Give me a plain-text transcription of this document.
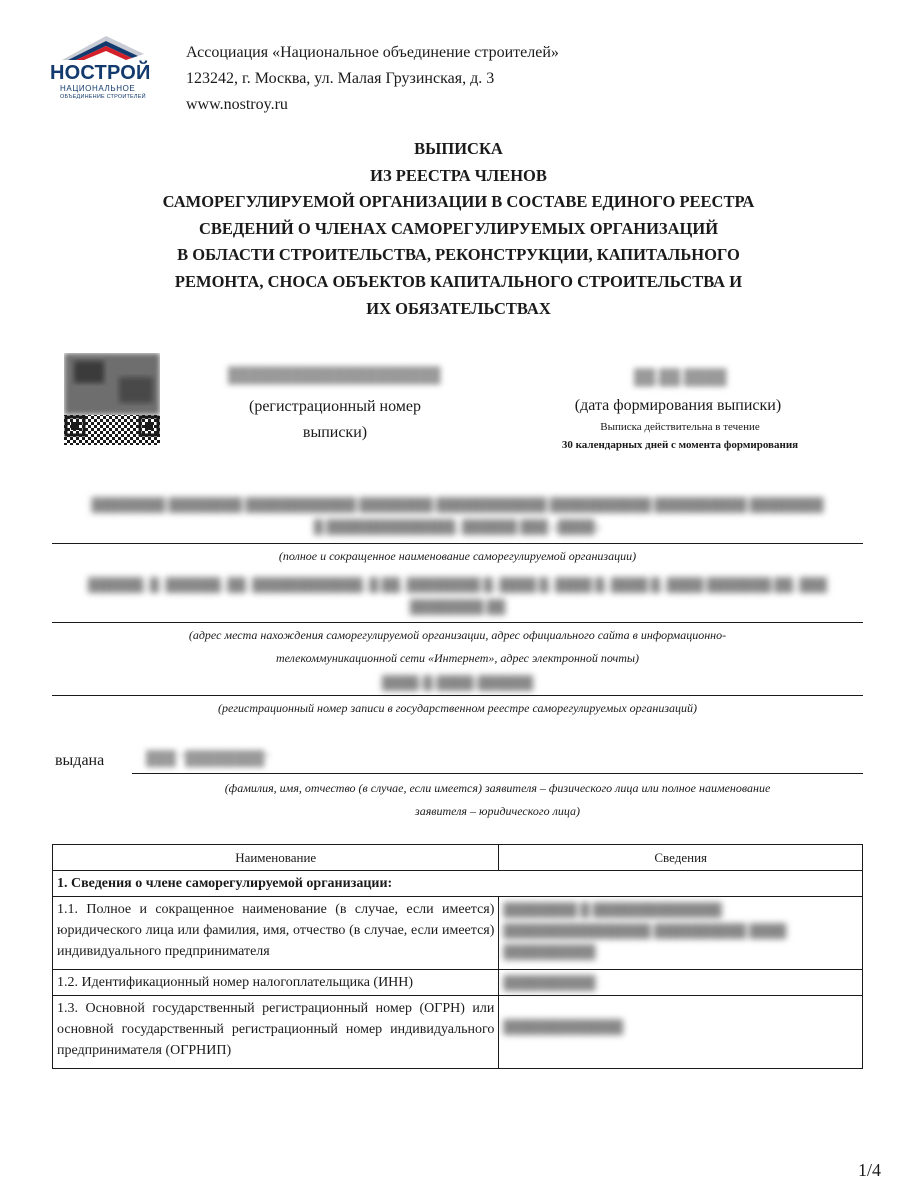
НОСТРОЙ
НАЦИОНАЛЬНОЕ
ОБЪЕДИНЕНИЕ СТРОИТЕЛЕЙ
Ассоциация «Национальное объединение строителей»
123242, г. Москва, ул. Малая Грузинская, д. 3
www.nostroy.ru
ВЫПИСКА
ИЗ РЕЕСТРА ЧЛЕНОВ
САМОРЕГУЛИРУЕМОЙ ОРГАНИЗАЦИИ В СОСТАВЕ ЕДИНОГО РЕЕСТРА
СВЕДЕНИЙ О ЧЛЕНАХ САМОРЕГУЛИРУЕМЫХ ОРГАНИЗАЦИЙ
В ОБЛАСТИ СТРОИТЕЛЬСТВА, РЕКОНСТРУКЦИИ, КАПИТАЛЬНОГО
РЕМОНТА, СНОСА ОБЪЕКТОВ КАПИТАЛЬНОГО СТРОИТЕЛЬСТВА И
ИХ ОБЯЗАТЕЛЬСТВАХ
████████████████████
(регистрационный номер
выписки)
██.██.████
(дата формирования выписки)
Выписка действительна в течение
30 календарных дней с момента формирования
████████ ████████ ████████████ ████████ ████████████ ███████████ ██████████ ████████
█ ██████████████, ██████ ███ «████»
(полное и сокращенное наименование саморегулируемой организации)
██████, █. ██████, ██. ████████████, █.██, ████████ █, ████ █, ████ █, ████ █, ████ ███████.██, ███
████████.██
(адрес места нахождения саморегулируемой организации, адрес официального сайта в информационно-
телекоммуникационной сети «Интернет», адрес электронной почты)
████-█-████-██████
(регистрационный номер записи в государственном реестре саморегулируемых организаций)
выдана	███ "████████"
(фамилия, имя, отчество (в случае, если имеется) заявителя – физического лица или полное наименование
заявителя – юридического лица)
Наименование	Сведения
1. Сведения о члене саморегулируемой организации:	
1.1. Полное и сокращенное наименование (в случае, если имеется) юридического лица или фамилия, имя, отчество (в случае, если имеется) индивидуального предпринимателя	████████ █ ██████████████
████████████████ ██████████ ████
██████████

1.2. Идентификационный номер налогоплательщика (ИНН)	██████████

1.3. Основной государственный регистрационный номер (ОГРН) или основной государственный регистрационный номер индивидуального предпринимателя (ОГРНИП)	█████████████
1/4
